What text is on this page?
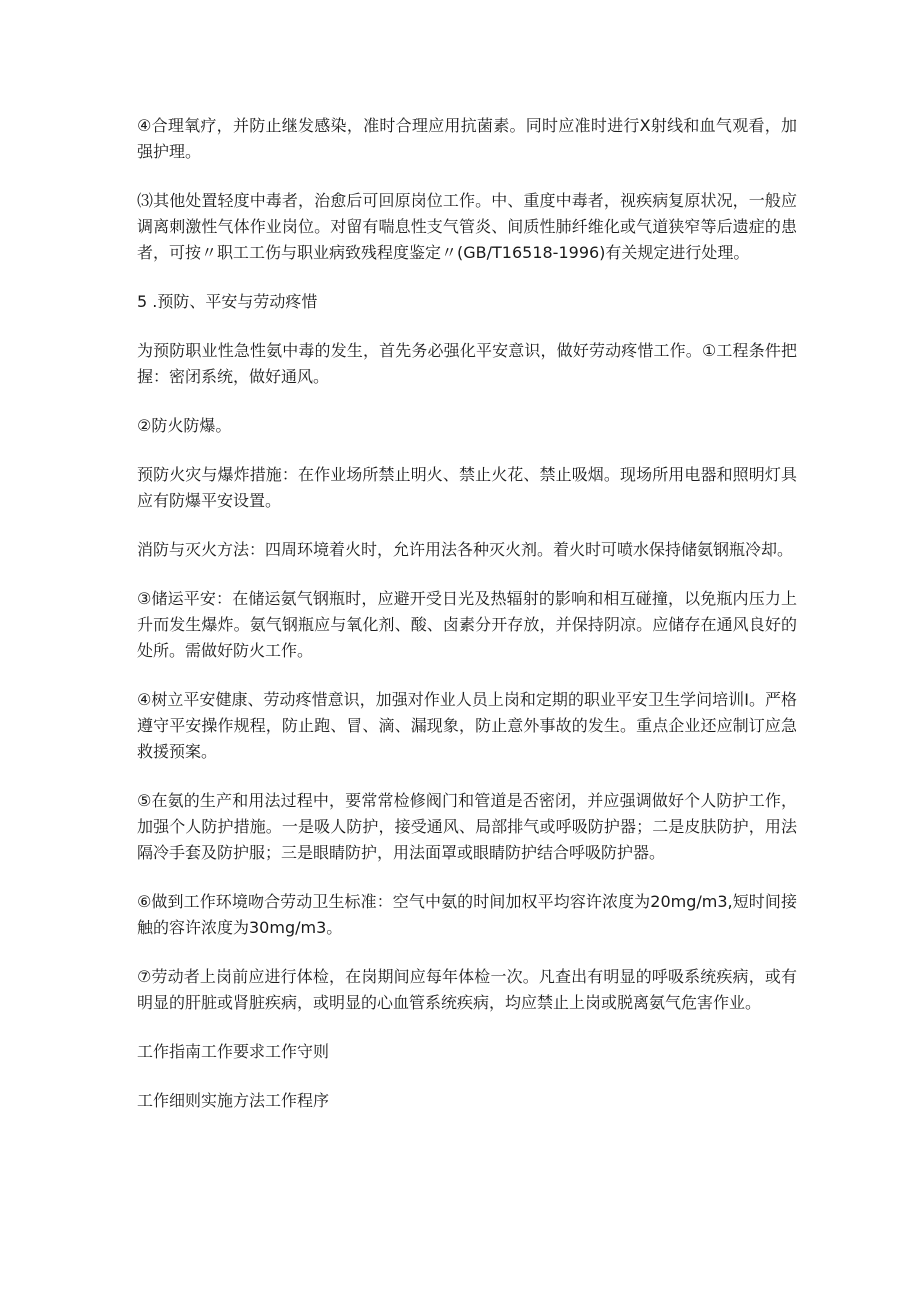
④合理氧疗，并防止继发感染，准时合理应用抗菌素。同时应准时进行X射线和血气观看，加强护理。

⑶其他处置轻度中毒者，治愈后可回原岗位工作。中、重度中毒者，视疾病复原状况，一般应调离刺激性气体作业岗位。对留有喘息性支气管炎、间质性肺纤维化或气道狭窄等后遗症的患者，可按〃职工工伤与职业病致残程度鉴定〃(GB/T16518-1996)有关规定进行处理。

5 .预防、平安与劳动疼惜

为预防职业性急性氨中毒的发生，首先务必强化平安意识，做好劳动疼惜工作。①工程条件把握：密闭系统，做好通风。

②防火防爆。

预防火灾与爆炸措施：在作业场所禁止明火、禁止火花、禁止吸烟。现场所用电器和照明灯具应有防爆平安设置。

消防与灭火方法：四周环境着火时，允许用法各种灭火剂。着火时可喷水保持储氨钢瓶冷却。

③储运平安：在储运氨气钢瓶时，应避开受日光及热辐射的影响和相互碰撞，以免瓶内压力上升而发生爆炸。氨气钢瓶应与氧化剂、酸、卤素分开存放，并保持阴凉。应储存在通风良好的处所。需做好防火工作。

④树立平安健康、劳动疼惜意识，加强对作业人员上岗和定期的职业平安卫生学问培训I。严格遵守平安操作规程，防止跑、冒、滴、漏现象，防止意外事故的发生。重点企业还应制订应急救援预案。

⑤在氨的生产和用法过程中，要常常检修阀门和管道是否密闭，并应强调做好个人防护工作，加强个人防护措施。一是吸人防护，接受通风、局部排气或呼吸防护器；二是皮肤防护，用法隔冷手套及防护服；三是眼睛防护，用法面罩或眼睛防护结合呼吸防护器。

⑥做到工作环境吻合劳动卫生标准：空气中氨的时间加权平均容许浓度为20mg/m3,短时间接触的容许浓度为30mg/m3。

⑦劳动者上岗前应进行体检，在岗期间应每年体检一次。凡查出有明显的呼吸系统疾病，或有明显的肝脏或肾脏疾病，或明显的心血管系统疾病，均应禁止上岗或脱离氨气危害作业。

工作指南工作要求工作守则

工作细则实施方法工作程序
